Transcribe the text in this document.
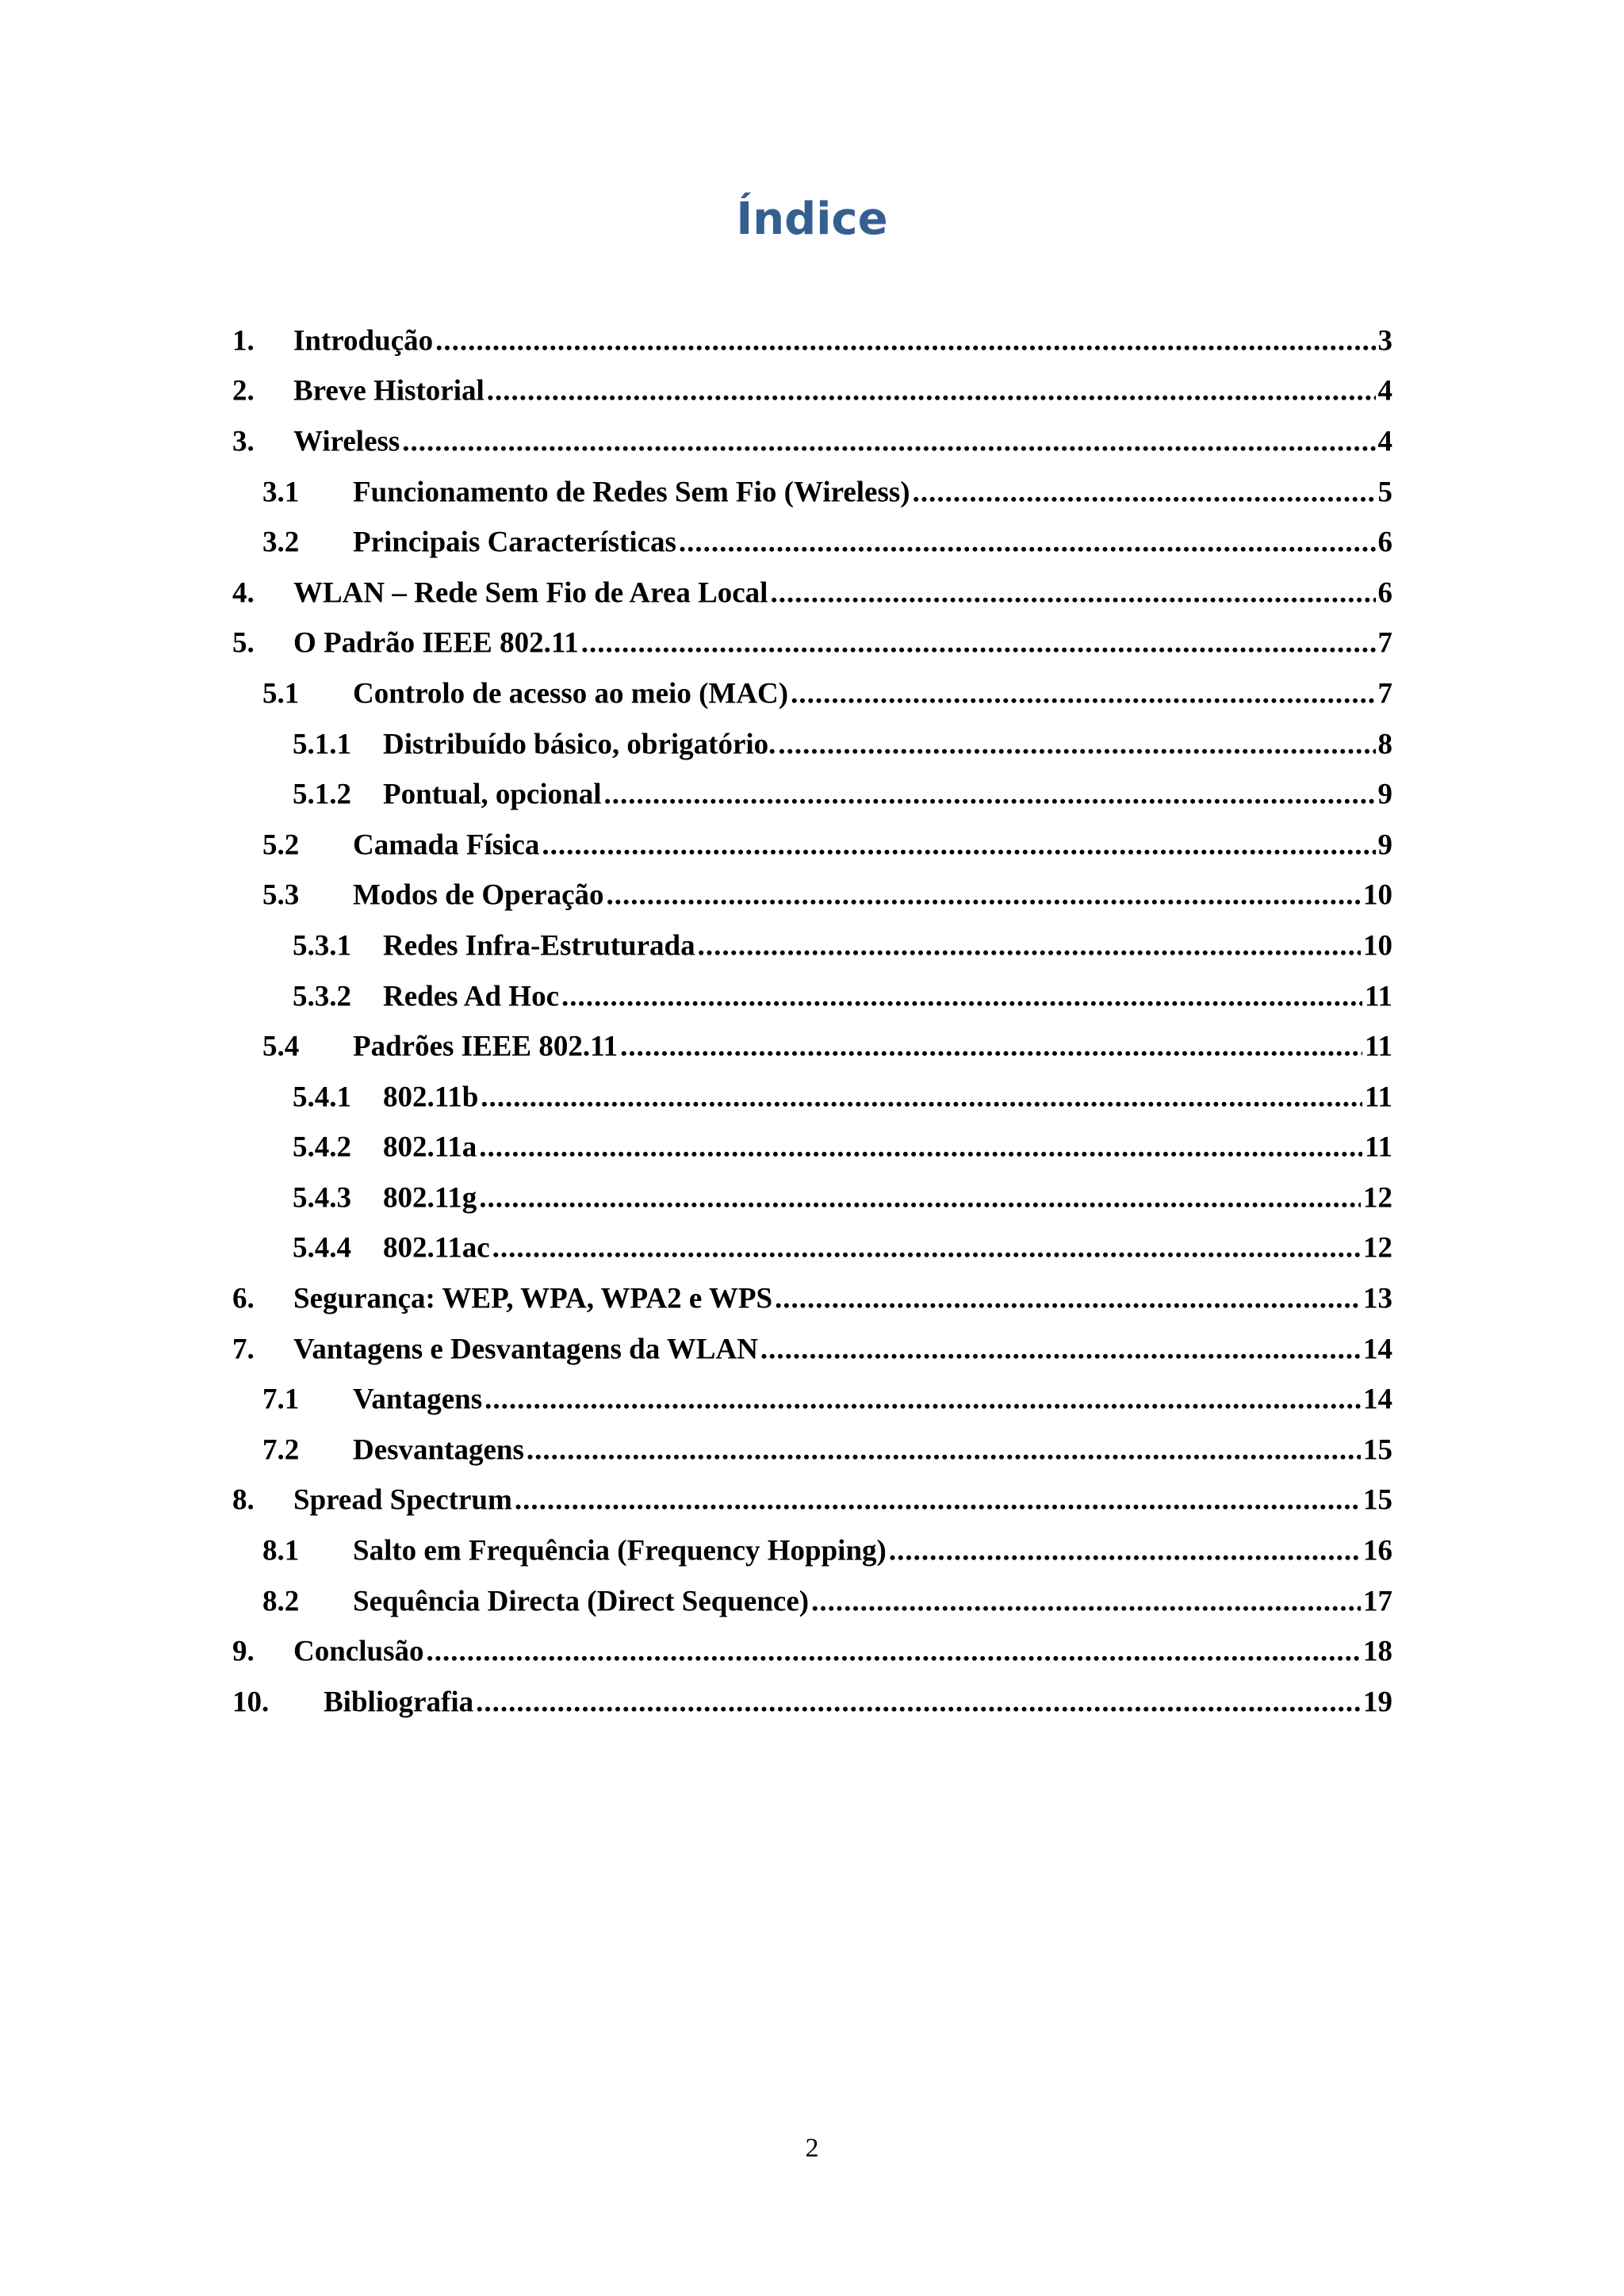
Índice
1. Introdução .....	3
2. Breve Historial .....	4
3. Wireless .....	4
3.1 Funcionamento de Redes Sem Fio (Wireless) .....	5
3.2 Principais Características .....	6
4. WLAN – Rede Sem Fio de Area Local .....	6
5. O Padrão IEEE 802.11 .....	7
5.1 Controlo de acesso ao meio (MAC) .....	7
5.1.1 Distribuído básico, obrigatório. .....	8
5.1.2 Pontual, opcional .....	9
5.2 Camada Física .....	9
5.3 Modos de Operação .....	10
5.3.1 Redes Infra-Estruturada .....	10
5.3.2 Redes Ad Hoc .....	11
5.4 Padrões IEEE 802.11 .....	11
5.4.1 802.11b .....	11
5.4.2 802.11a .....	11
5.4.3 802.11g .....	12
5.4.4 802.11ac .....	12
6. Segurança: WEP, WPA, WPA2 e WPS .....	13
7. Vantagens e Desvantagens da WLAN .....	14
7.1 Vantagens .....	14
7.2 Desvantagens .....	15
8. Spread Spectrum .....	15
8.1 Salto em Frequência (Frequency Hopping) .....	16
8.2 Sequência Directa (Direct Sequence) .....	17
9. Conclusão .....	18
10. Bibliografia .....	19
2
